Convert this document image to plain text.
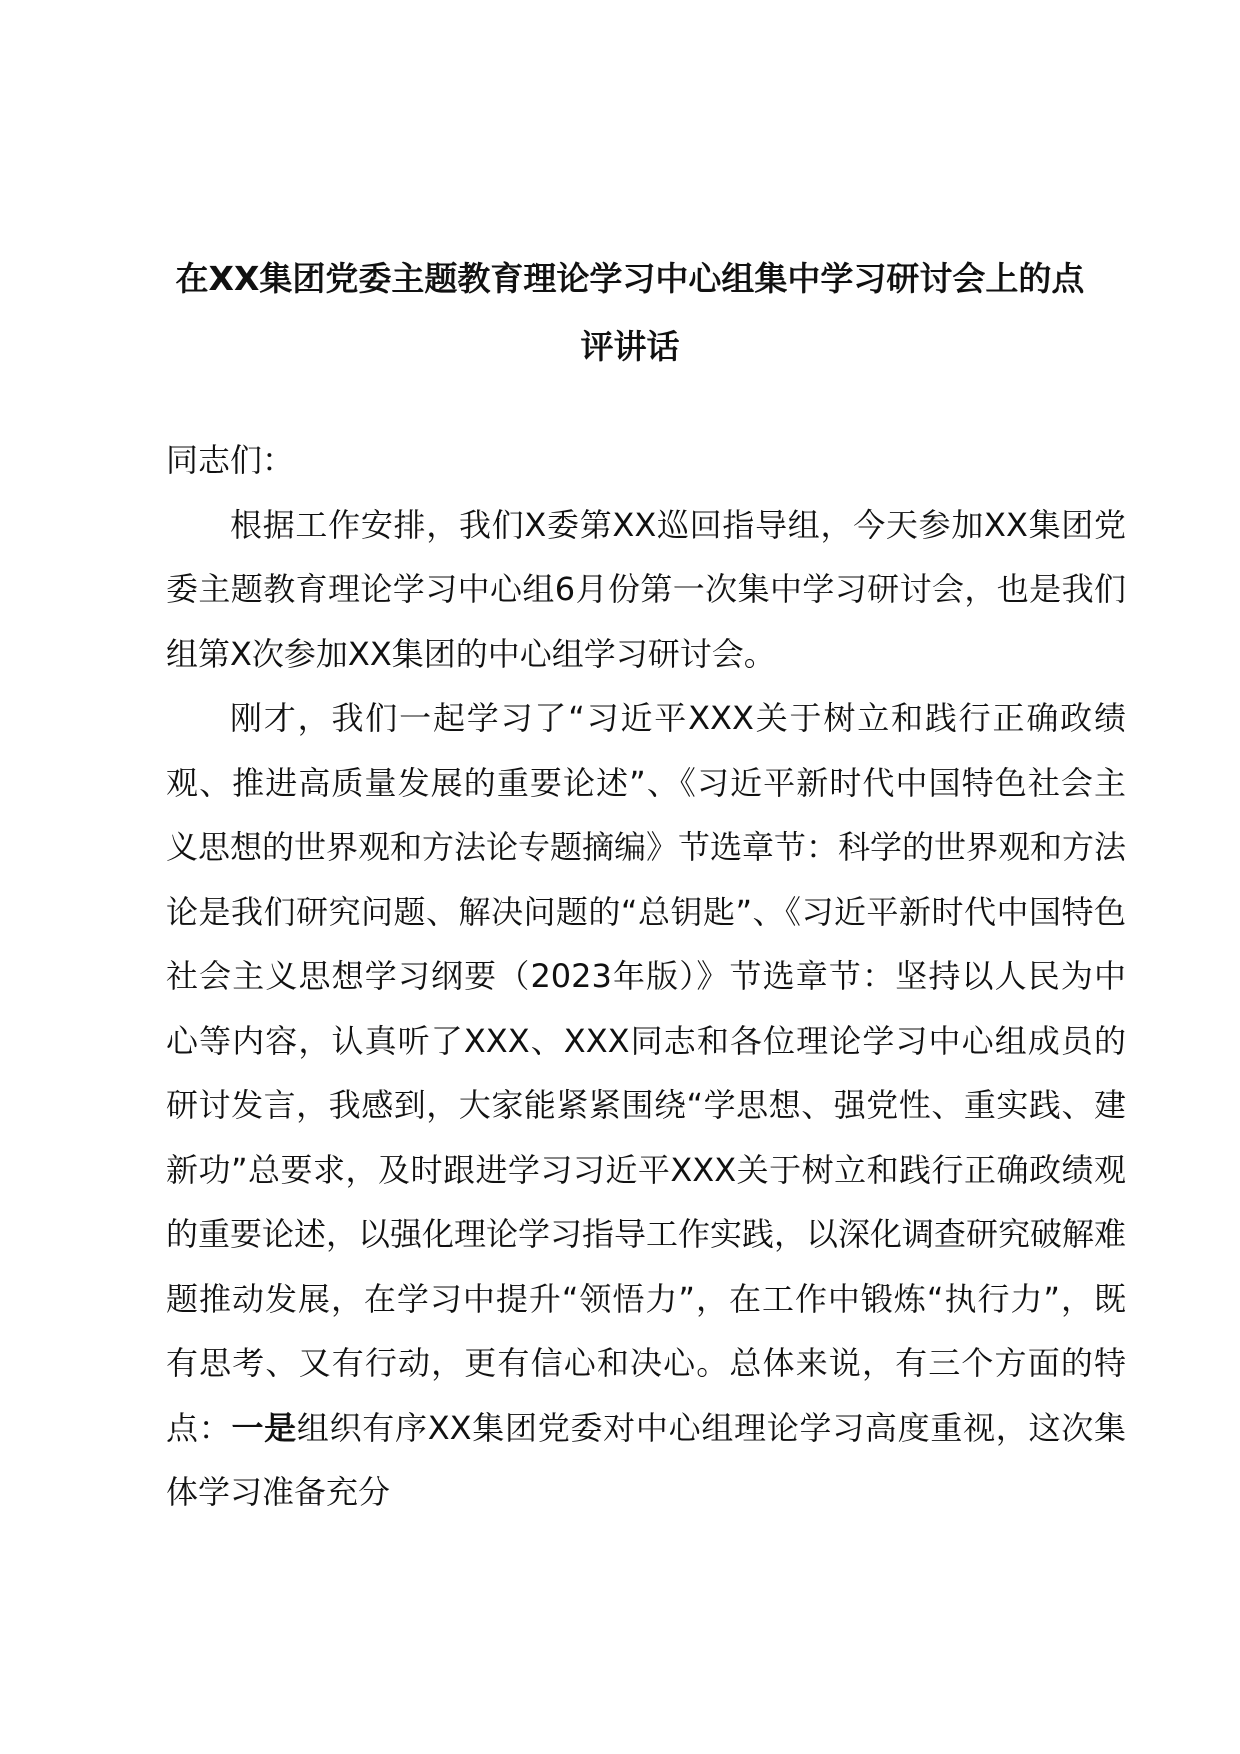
在XX集团党委主题教育理论学习中心组集中学习研讨会上的点评讲话

同志们：

根据工作安排，我们X委第XX巡回指导组，今天参加XX集团党委主题教育理论学习中心组6月份第一次集中学习研讨会，也是我们组第X次参加XX集团的中心组学习研讨会。

刚才，我们一起学习了“习近平XXX关于树立和践行正确政绩观、推进高质量发展的重要论述”、《习近平新时代中国特色社会主义思想的世界观和方法论专题摘编》节选章节：科学的世界观和方法论是我们研究问题、解决问题的“总钥匙”、《习近平新时代中国特色社会主义思想学习纲要（2023年版）》节选章节：坚持以人民为中心等内容，认真听了XXX、XXX同志和各位理论学习中心组成员的研讨发言，我感到，大家能紧紧围绕“学思想、强党性、重实践、建新功”总要求，及时跟进学习习近平XXX关于树立和践行正确政绩观的重要论述，以强化理论学习指导工作实践，以深化调查研究破解难题推动发展，在学习中提升“领悟力”，在工作中锻炼“执行力”，既有思考、又有行动，更有信心和决心。总体来说，有三个方面的特点：一是组织有序XX集团党委对中心组理论学习高度重视，这次集体学习准备充分
